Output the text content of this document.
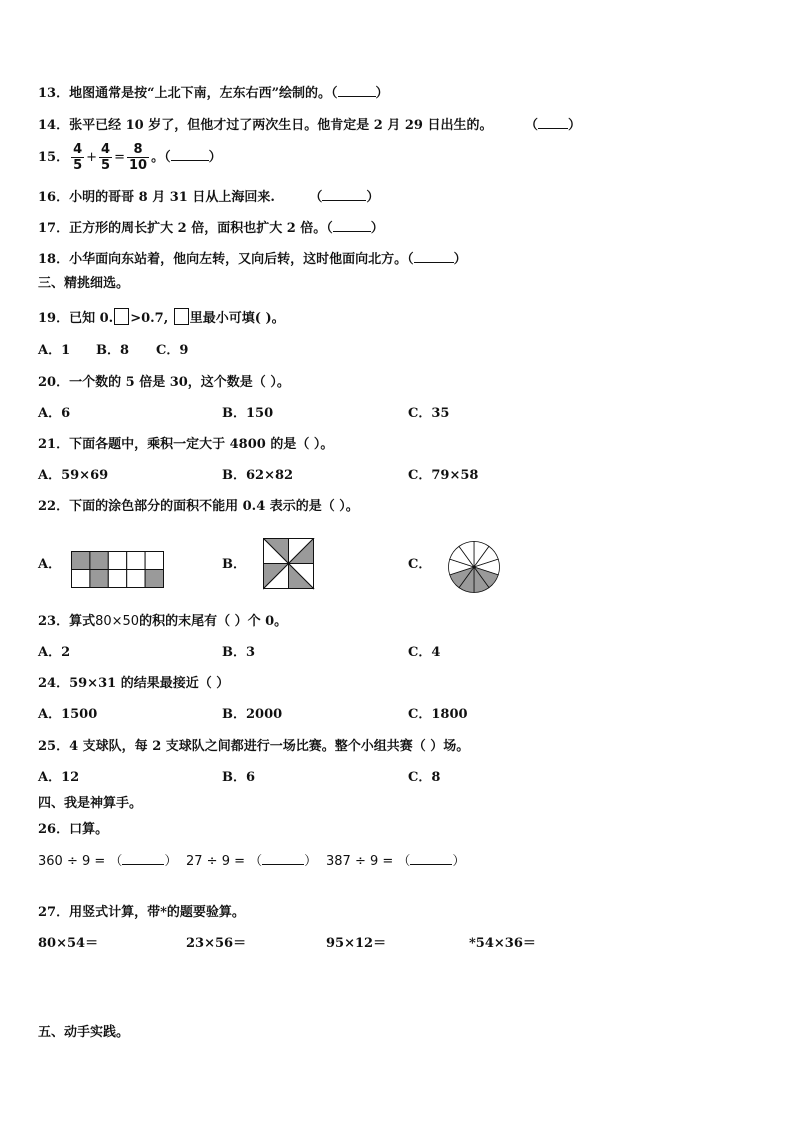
13．地图通常是按“上北下南，左东右西”绘制的。（	）
14．张平已经 10 岁了，但他才过了两次生日。他肯定是 2 月 29 日出生的。	（ ）
15． $\frac{4}{5} + \frac{4}{5} = \frac{8}{10}$ 。（	）
16．小明的哥哥 8 月 31 日从上海回来.	（	）
17．正方形的周长扩大 2 倍，面积也扩大 2 倍。（	）
18．小华面向东站着，他向左转，又向后转，这时他面向北方。（	）
三、精挑细选。
19．已知 0. >0.7, 里最小可填( )。
A．1 B．8 C．9
20．一个数的 5 倍是 30，这个数是（ ）。
A．6	B．150	C．35
21．下面各题中，乘积一定大于 4800 的是（ ）。
A．59×69	B．62×82	C．79×58
22．下面的涂色部分的面积不能用 0.4 表示的是（ ）。
A．	B．	C．
23．算式80×50的积的末尾有（ ）个 0。
A．2	B．3	C．4
24．59×31 的结果最接近（ ）
A．1500	B．2000	C．1800
25．4 支球队，每 2 支球队之间都进行一场比赛。整个小组共赛（ ）场。
A．12	B．6	C．8
四、我是神算手。
26．口算。
360 ÷ 9 = （	） 27 ÷ 9 = （	） 387 ÷ 9 = （	）
27．用竖式计算，带*的题要验算。
80×54＝	23×56＝	95×12＝	*54×36＝
五、动手实践。
